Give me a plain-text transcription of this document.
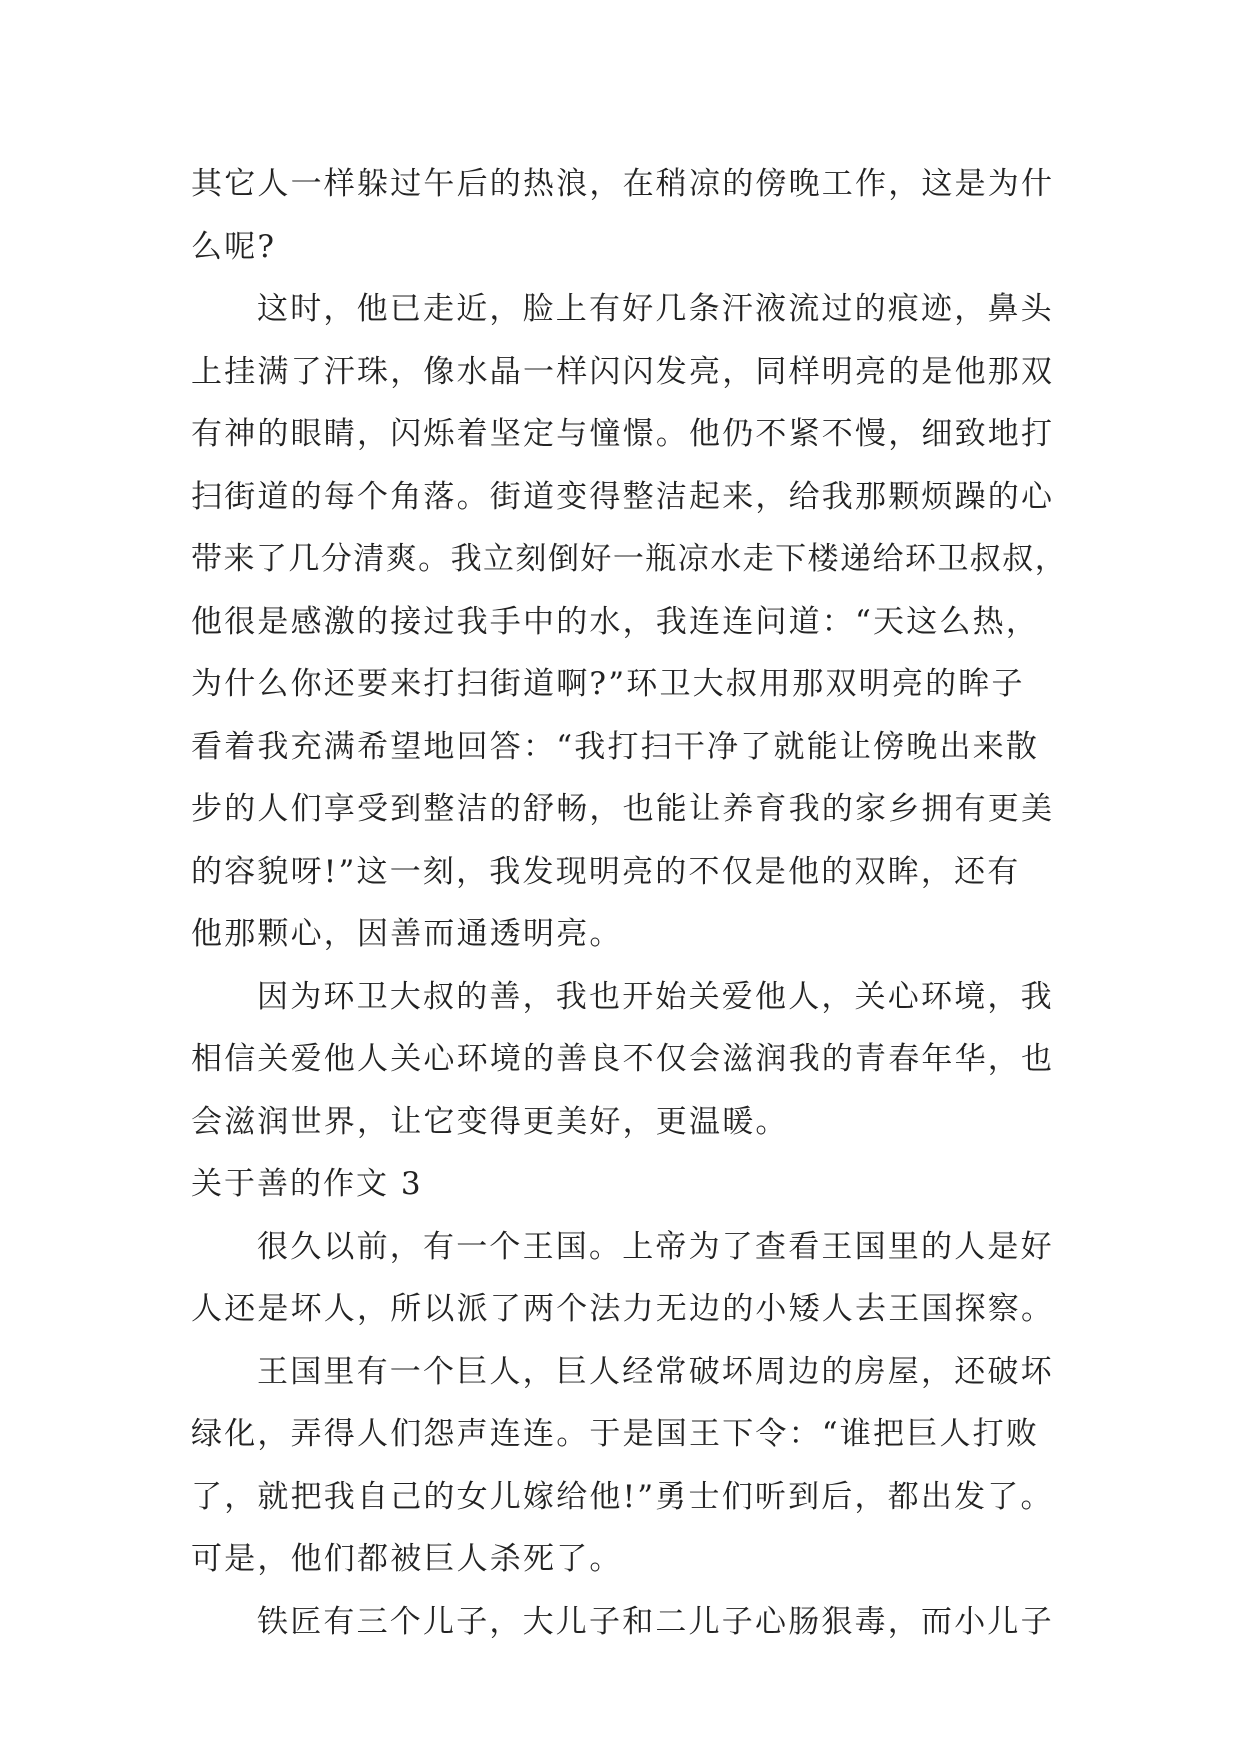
其它人一样躲过午后的热浪，在稍凉的傍晚工作，这是为什
么呢?
这时，他已走近，脸上有好几条汗液流过的痕迹，鼻头
上挂满了汗珠，像水晶一样闪闪发亮，同样明亮的是他那双
有神的眼睛，闪烁着坚定与憧憬。他仍不紧不慢，细致地打
扫街道的每个角落。街道变得整洁起来，给我那颗烦躁的心
带来了几分清爽。我立刻倒好一瓶凉水走下楼递给环卫叔叔，
他很是感激的接过我手中的水，我连连问道：“天这么热，
为什么你还要来打扫街道啊?”环卫大叔用那双明亮的眸子
看着我充满希望地回答：“我打扫干净了就能让傍晚出来散
步的人们享受到整洁的舒畅，也能让养育我的家乡拥有更美
的容貌呀!”这一刻，我发现明亮的不仅是他的双眸，还有
他那颗心，因善而通透明亮。
因为环卫大叔的善，我也开始关爱他人，关心环境，我
相信关爱他人关心环境的善良不仅会滋润我的青春年华，也
会滋润世界，让它变得更美好，更温暖。
关于善的作文 3
很久以前，有一个王国。上帝为了查看王国里的人是好
人还是坏人，所以派了两个法力无边的小矮人去王国探察。
王国里有一个巨人，巨人经常破坏周边的房屋，还破坏
绿化，弄得人们怨声连连。于是国王下令：“谁把巨人打败
了，就把我自己的女儿嫁给他!”勇士们听到后，都出发了。
可是，他们都被巨人杀死了。
铁匠有三个儿子，大儿子和二儿子心肠狠毒，而小儿子
